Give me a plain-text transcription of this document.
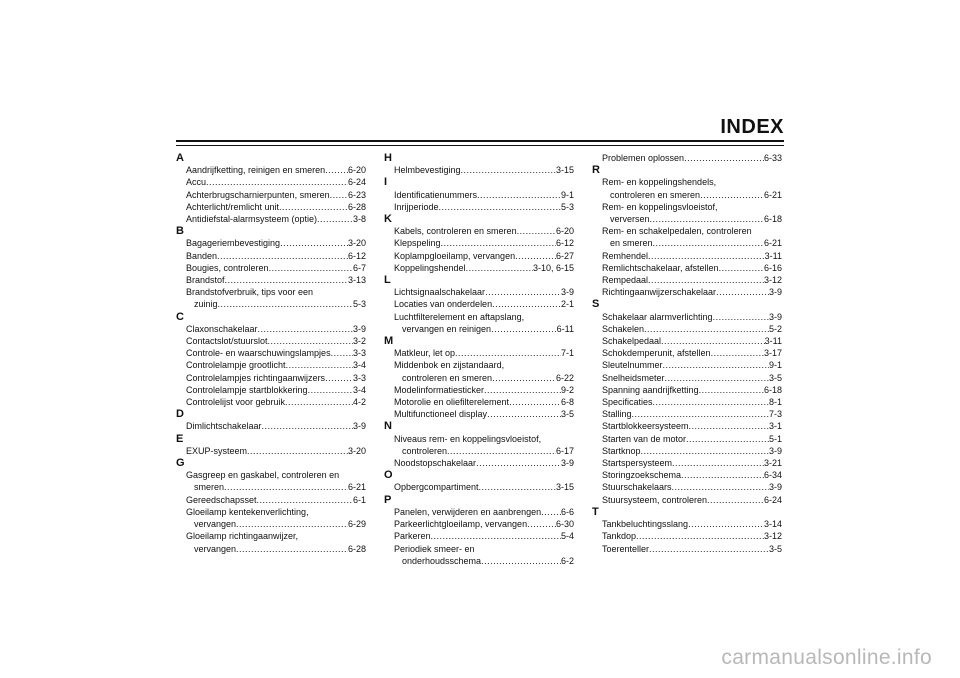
INDEX
A
Aandrijfketting, reinigen en smeren .....	6-20
Accu .....	6-24
Achterbrugscharnierpunten, smeren ..... 6-23
Achterlicht/remlicht unit .....	6-28
Antidiefstal-alarmsysteem (optie) .....	3-8
B
Bagageriembevestiging .....	3-20
Banden .....	6-12
Bougies, controleren .....	6-7
Brandstof .....	3-13
Brandstofverbruik, tips voor een
zuinig .....	5-3
C
Claxonschakelaar .....	3-9
Contactslot/stuurslot .....	3-2
Controle- en waarschuwingslampjes ..... 3-3
Controlelampje grootlicht .....	3-4
Controlelampjes richtingaanwijzers .....	3-3
Controlelampje startblokkering .....	3-4
Controlelijst voor gebruik .....	4-2
D
Dimlichtschakelaar .....	3-9
E
EXUP-systeem .....	3-20
G
Gasgreep en gaskabel, controleren en
smeren .....	6-21
Gereedschapsset .....	6-1
Gloeilamp kentekenverlichting,
vervangen .....	6-29
Gloeilamp richtingaanwijzer,
vervangen .....	6-28
H
Helmbevestiging .....	3-15
I
Identificatienummers .....	9-1
Inrijperiode .....	5-3
K
Kabels, controleren en smeren .....	6-20
Klepspeling .....	6-12
Koplampgloeilamp, vervangen .....	6-27
Koppelingshendel .....	3-10, 6-15
L
Lichtsignaalschakelaar .....	3-9
Locaties van onderdelen .....	2-1
Luchtfilterelement en aftapslang,
vervangen en reinigen .....	6-11
M
Matkleur, let op .....	7-1
Middenbok en zijstandaard,
controleren en smeren .....	6-22
Modelinformatiesticker .....	9-2
Motorolie en oliefilterelement .....	6-8
Multifunctioneel display .....	3-5
N
Niveaus rem- en koppelingsvloeistof,
controleren .....	6-17
Noodstopschakelaar .....	3-9
O
Opbergcompartiment .....	3-15
P
Panelen, verwijderen en aanbrengen ..... 6-6
Parkeerlichtgloeilamp, vervangen .....	6-30
Parkeren .....	5-4
Periodiek smeer- en
onderhoudsschema .....	6-2
Problemen oplossen .....	6-33
R
Rem- en koppelingshendels,
controleren en smeren .....	6-21
Rem- en koppelingsvloeistof,
verversen .....	6-18
Rem- en schakelpedalen, controleren
en smeren .....	6-21
Remhendel .....	3-11
Remlichtschakelaar, afstellen .....	6-16
Rempedaal .....	3-12
Richtingaanwijzerschakelaar .....	3-9
S
Schakelaar alarmverlichting .....	3-9
Schakelen .....	5-2
Schakelpedaal .....	3-11
Schokdemperunit, afstellen .....	3-17
Sleutelnummer .....	9-1
Snelheidsmeter .....	3-5
Spanning aandrijfketting .....	6-18
Specificaties .....	8-1
Stalling .....	7-3
Startblokkeersysteem .....	3-1
Starten van de motor .....	5-1
Startknop .....	3-9
Startspersysteem .....	3-21
Storingzoekschema .....	6-34
Stuurschakelaars .....	3-9
Stuursysteem, controleren .....	6-24
T
Tankbeluchtingsslang .....	3-14
Tankdop .....	3-12
Toerenteller .....	3-5
carmanualsonline.info
